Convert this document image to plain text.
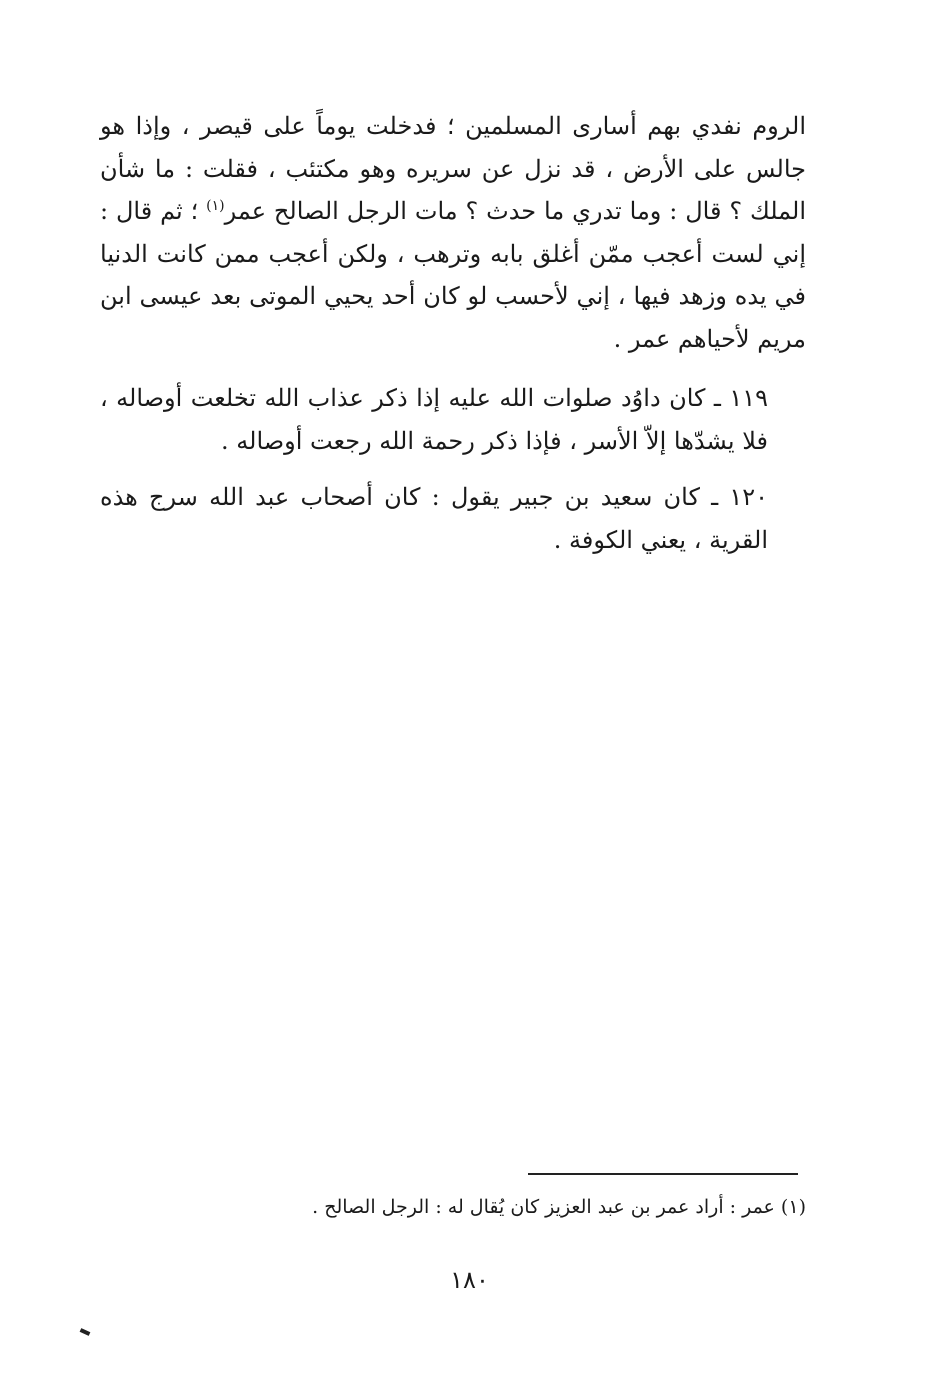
الروم نفدي بهم أسارى المسلمين ؛ فدخلت يوماً على قيصر ، وإذا هو جالس على الأرض ، قد نزل عن سريره وهو مكتئب ، فقلت : ما شأن الملك ؟ قال : وما تدري ما حدث ؟ مات الرجل الصالح عمر$^{(١)}$ ؛ ثم قال : إني لست أعجب ممّن أغلق بابه وترهب ، ولكن أعجب ممن كانت الدنيا في يده وزهد فيها ، إني لأحسب لو كان أحد يحيي الموتى بعد عيسى ابن مريم لأحياهم عمر .

١١٩ ـ كان داوُد صلوات الله عليه إذا ذكر عذاب الله تخلعت أوصاله ، فلا يشدّها إلاّ الأسر ، فإذا ذكر رحمة الله رجعت أوصاله .

١٢٠ ـ كان سعيد بن جبير يقول : كان أصحاب عبد الله سرج هذه القرية ، يعني الكوفة .

(١) عمر : أراد عمر بن عبد العزيز كان يُقال له : الرجل الصالح .
١٨٠
